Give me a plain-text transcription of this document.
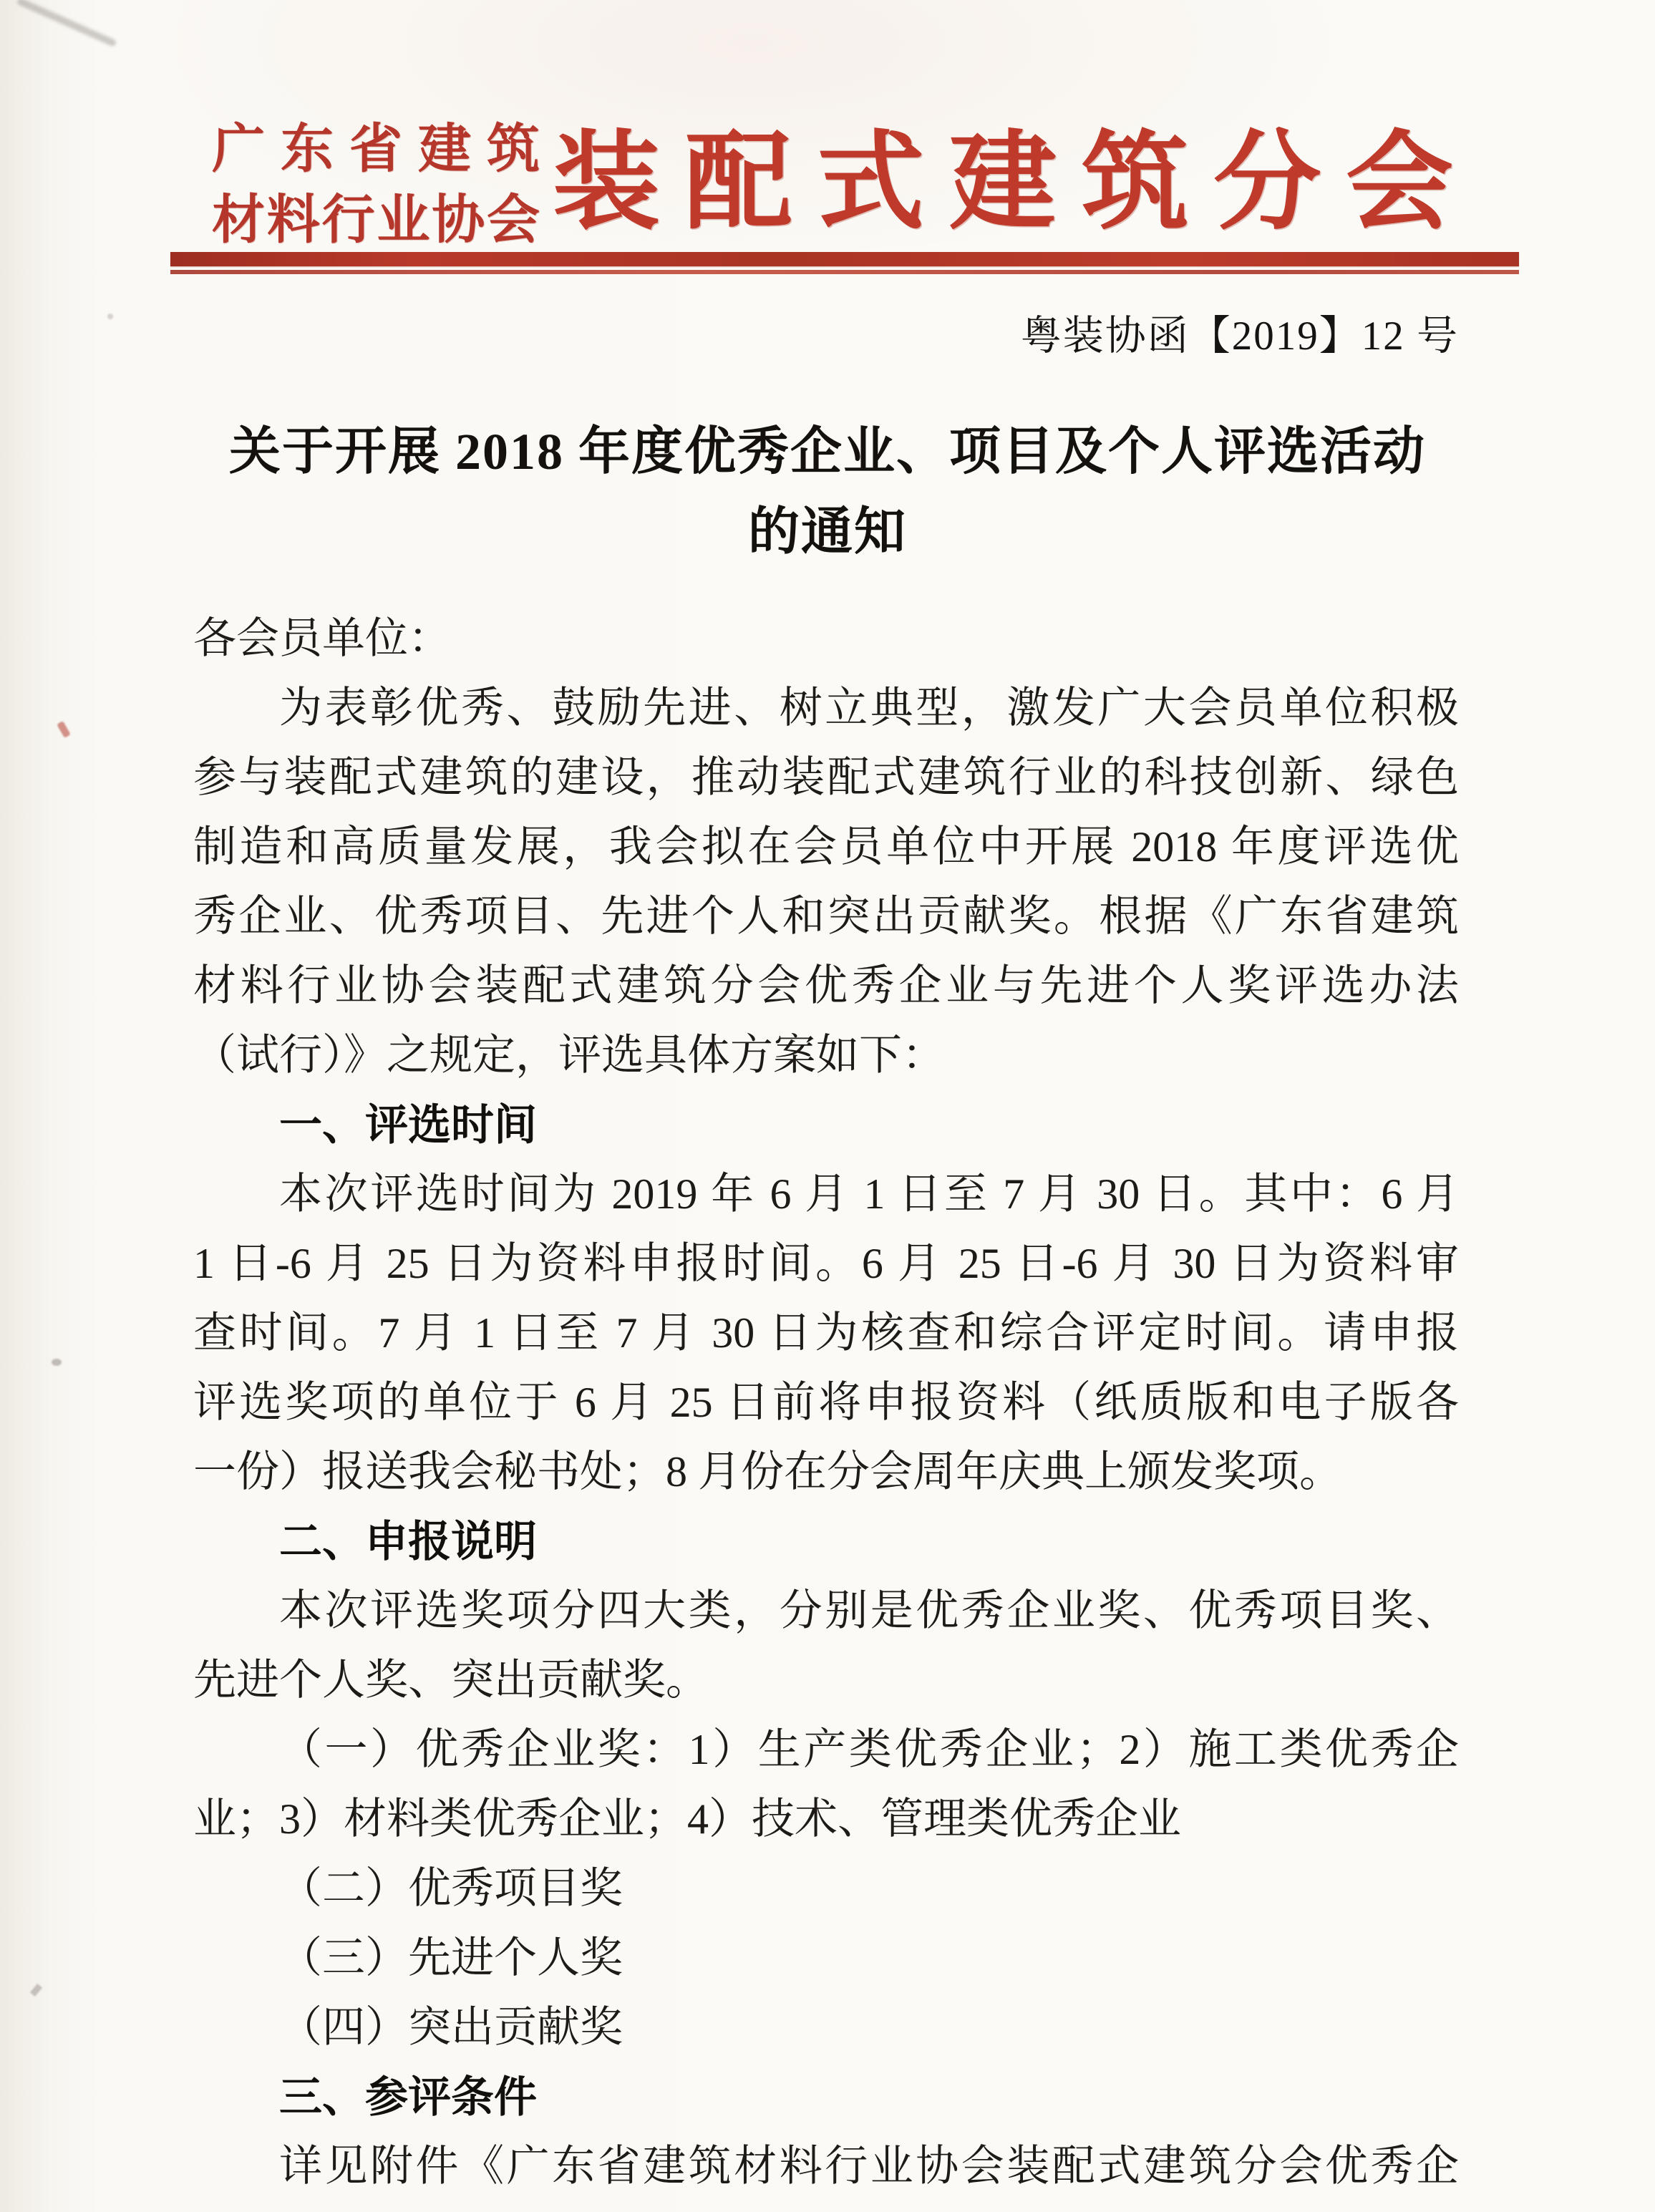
广东省建筑
材料行业协会 装配式建筑分会
粤装协函【2019】12 号
关于开展 2018 年度优秀企业、项目及个人评选活动
的通知
各会员单位：
为表彰优秀、鼓励先进、树立典型，激发广大会员单位积极
参与装配式建筑的建设，推动装配式建筑行业的科技创新、绿色
制造和高质量发展，我会拟在会员单位中开展 2018 年度评选优
秀企业、优秀项目、先进个人和突出贡献奖。根据《广东省建筑
材料行业协会装配式建筑分会优秀企业与先进个人奖评选办法
（试行）》之规定，评选具体方案如下：
一、评选时间
本次评选时间为 2019 年 6 月 1 日至 7 月 30 日。其中：6 月
1 日-6 月 25 日为资料申报时间。6 月 25 日-6 月 30 日为资料审
查时间。7 月 1 日至 7 月 30 日为核查和综合评定时间。请申报
评选奖项的单位于 6 月 25 日前将申报资料（纸质版和电子版各
一份）报送我会秘书处；8 月份在分会周年庆典上颁发奖项。
二、申报说明
本次评选奖项分四大类，分别是优秀企业奖、优秀项目奖、
先进个人奖、突出贡献奖。
（一）优秀企业奖：1）生产类优秀企业；2）施工类优秀企
业；3）材料类优秀企业；4）技术、管理类优秀企业
（二）优秀项目奖
（三）先进个人奖
（四）突出贡献奖
三、参评条件
详见附件《广东省建筑材料行业协会装配式建筑分会优秀企
